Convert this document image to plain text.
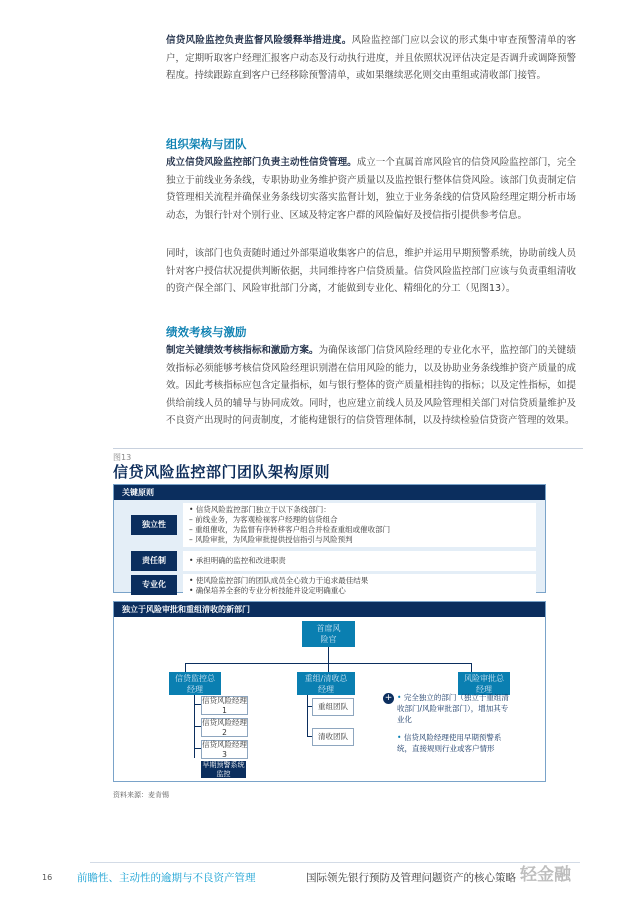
信贷风险监控负责监督风险缓释举措进度。风险监控部门应以会议的形式集中审查预警清单的客户，定期听取客户经理汇报客户动态及行动执行进度，并且依照状况评估决定是否调升或调降预警程度。持续跟踪直到客户已经移除预警清单，或如果继续恶化则交由重组或清收部门接管。
组织架构与团队
成立信贷风险监控部门负责主动性信贷管理。成立一个直属首席风险官的信贷风险监控部门，完全独立于前线业务条线，专职协助业务维护资产质量以及监控银行整体信贷风险。该部门负责制定信贷管理相关流程并确保业务条线切实落实监督计划，独立于业务条线的信贷风险经理定期分析市场动态，为银行针对个别行业、区域及特定客户群的风险偏好及授信指引提供参考信息。
同时，该部门也负责随时通过外部渠道收集客户的信息，维护并运用早期预警系统，协助前线人员针对客户授信状况提供判断依据，共同维持客户信贷质量。信贷风险监控部门应该与负责重组清收的资产保全部门、风险审批部门分离，才能做到专业化、精细化的分工（见图13）。
绩效考核与激励
制定关键绩效考核指标和激励方案。为确保该部门信贷风险经理的专业化水平，监控部门的关键绩效指标必须能够考核信贷风险经理识别潜在信用风险的能力，以及协助业务条线维护资产质量的成效。因此考核指标应包含定量指标，如与银行整体的资产质量相挂钩的指标；以及定性指标，如提供给前线人员的辅导与协同成效。同时，也应建立前线人员及风险管理相关部门对信贷质量维护及不良资产出现时的问责制度，才能构建银行的信贷管理体制，以及持续检验信贷资产管理的效果。
图13
信贷风险监控部门团队架构原则
关键原则
独立性
• 信贷风险监控部门独立于以下条线部门：
– 前线业务，为客观检视客户经理的信贷组合
– 重组催收，为监督有序转移客户组合并检查重组或催收部门
– 风险审批，为风险审批提供授信指引与风险预判
责任制	• 承担明确的监控和改进职责
专业化	• 使风险监控部门的团队成员全心致力于追求最佳结果
• 确保培养全套的专业分析技能并设定明确重心
独立于风险审批和重组清收的新部门
首席风险官
信贷监控总经理
重组/清收总经理
风险审批总经理
信贷风险经理1
信贷风险经理2
信贷风险经理3
早期预警系统监控
重组团队
清收团队
+ • 完全独立的部门（独立于重组清收部门/风险审批部门），增加其专业化
• 信贷风险经理使用早期预警系统，直接规则行业或客户情形
资料来源：麦肯锡
16 前瞻性、主动性的逾期与不良资产管理	国际领先银行预防及管理问题资产的核心策略 轻金融
